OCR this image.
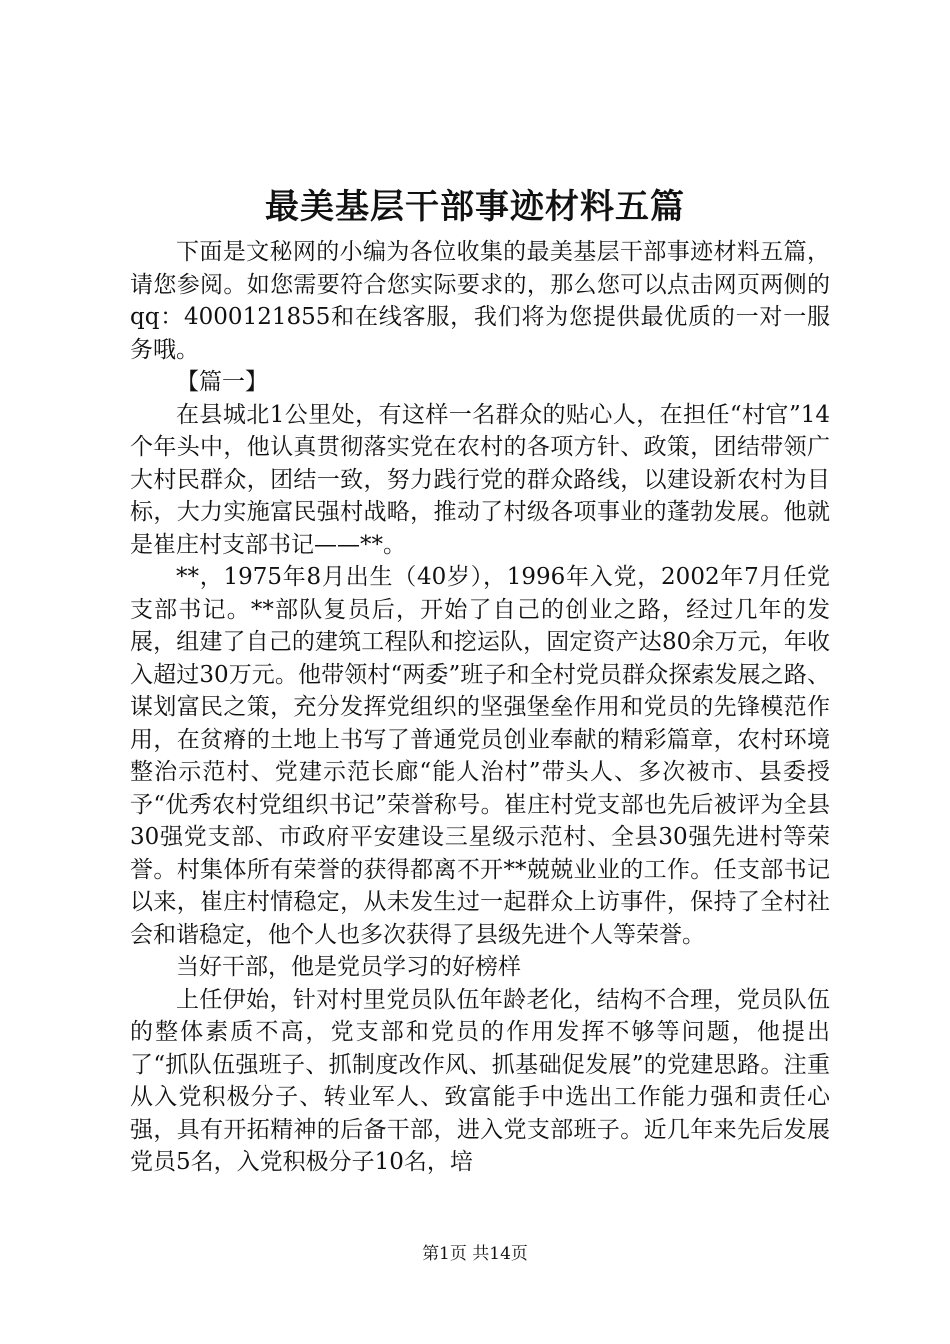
最美基层干部事迹材料五篇

下面是文秘网的小编为各位收集的最美基层干部事迹材料五篇，请您参阅。如您需要符合您实际要求的，那么您可以点击网页两侧的qq：4000121855和在线客服，我们将为您提供最优质的一对一服务哦。

【篇一】

在县城北1公里处，有这样一名群众的贴心人，在担任“村官”14个年头中，他认真贯彻落实党在农村的各项方针、政策，团结带领广大村民群众，团结一致，努力践行党的群众路线，以建设新农村为目标，大力实施富民强村战略，推动了村级各项事业的蓬勃发展。他就是崔庄村支部书记——**。

**，1975年8月出生（40岁），1996年入党，2002年7月任党支部书记。**部队复员后，开始了自己的创业之路，经过几年的发展，组建了自己的建筑工程队和挖运队，固定资产达80余万元，年收入超过30万元。他带领村“两委”班子和全村党员群众探索发展之路、谋划富民之策，充分发挥党组织的坚强堡垒作用和党员的先锋模范作用，在贫瘠的土地上书写了普通党员创业奉献的精彩篇章，农村环境整治示范村、党建示范长廊“能人治村”带头人、多次被市、县委授予“优秀农村党组织书记”荣誉称号。崔庄村党支部也先后被评为全县30强党支部、市政府平安建设三星级示范村、全县30强先进村等荣誉。村集体所有荣誉的获得都离不开**兢兢业业的工作。任支部书记以来，崔庄村情稳定，从未发生过一起群众上访事件，保持了全村社会和谐稳定，他个人也多次获得了县级先进个人等荣誉。

当好干部，他是党员学习的好榜样

上任伊始，针对村里党员队伍年龄老化，结构不合理，党员队伍的整体素质不高，党支部和党员的作用发挥不够等问题，他提出了“抓队伍强班子、抓制度改作风、抓基础促发展”的党建思路。注重从入党积极分子、转业军人、致富能手中选出工作能力强和责任心强，具有开拓精神的后备干部，进入党支部班子。近几年来先后发展党员5名，入党积极分子10名，培

第1页 共14页
